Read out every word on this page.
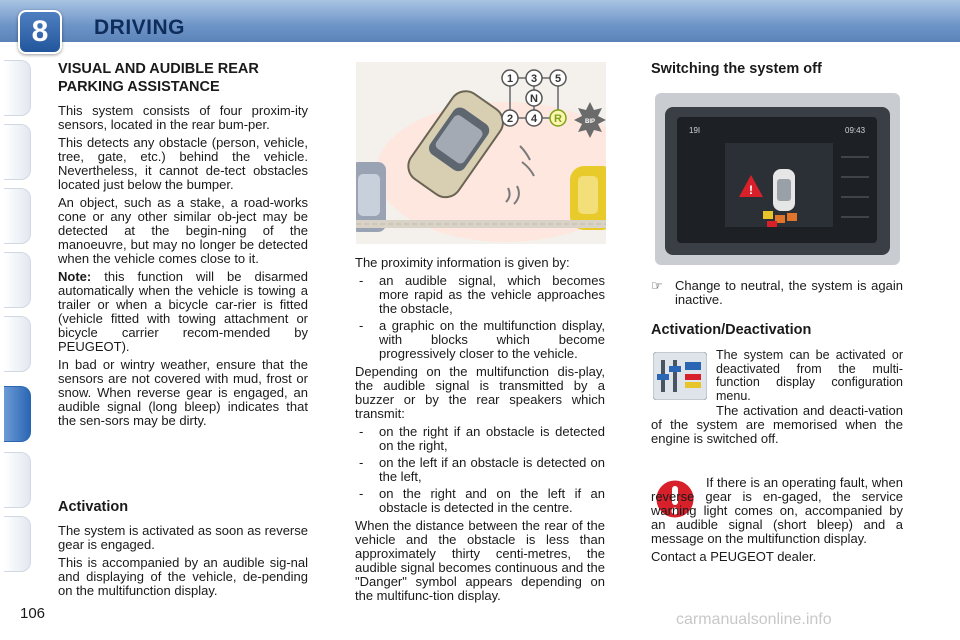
8	DRIVING
VISUAL AND AUDIBLE REAR PARKING ASSISTANCE

This system consists of four proxim-ity sensors, located in the rear bum-per.

This detects any obstacle (person, vehicle, tree, gate, etc.) behind the vehicle. Nevertheless, it cannot de-tect obstacles located just below the bumper.

An object, such as a stake, a road-works cone or any other similar ob-ject may be detected at the begin-ning of the manoeuvre, but may no longer be detected when the vehicle comes close to it.

Note: this function will be disarmed automatically when the vehicle is towing a trailer or when a bicycle car-rier is fitted (vehicle fitted with towing attachment or bicycle carrier recom-mended by PEUGEOT).

In bad or wintry weather, ensure that the sensors are not covered with mud, frost or snow. When reverse gear is engaged, an audible signal (long bleep) indicates that the sen-sors may be dirty.

Activation

The system is activated as soon as reverse gear is engaged.

This is accompanied by an audible sig-nal and displaying of the vehicle, de-pending on the multifunction display.

1 3 5
N
2 4 R	BIP

The proximity information is given by:

- an audible signal, which becomes more rapid as the vehicle approaches the obstacle,
- a graphic on the multifunction display, with blocks which become progressively closer to the vehicle.

Depending on the multifunction dis-play, the audible signal is transmitted by a buzzer or by the rear speakers which transmit:

- on the right if an obstacle is detected on the right,
- on the left if an obstacle is detected on the left,
- on the right and on the left if an obstacle is detected in the centre.

When the distance between the rear of the vehicle and the obstacle is less than approximately thirty centi-metres, the audible signal becomes continuous and the "Danger" symbol appears depending on the multifunc-tion display.

Switching the system off
19I	09:43
!
☞ Change to neutral, the system is again inactive.
Activation/Deactivation

The system can be activated or deactivated from the multi-function display configuration menu.

The activation and deacti-vation of the system are memorised when the engine is switched off.

If there is an operating fault, when reverse gear is en-gaged, the service warning light comes on, accompanied by an audible signal (short bleep) and a message on the multifunction display.

Contact a PEUGEOT dealer.

106	carmanualsonline.info
